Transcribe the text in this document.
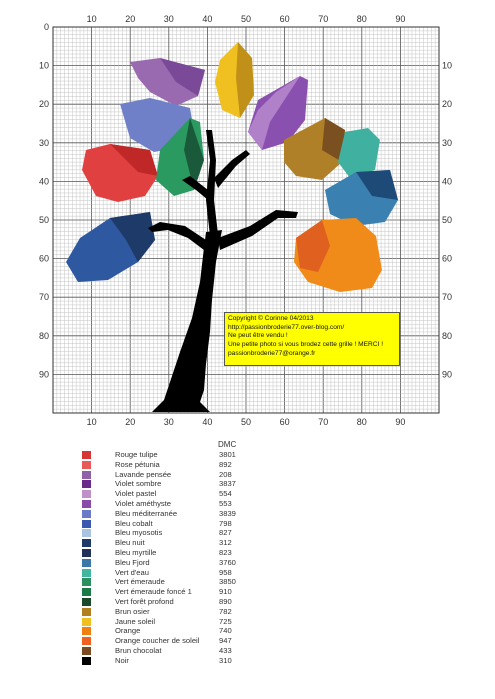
0
10
10
10	10
20
20
20	20
30
30
30	30
40
40
40	40
50
50
50	50
60
60
60	60
70
70
70	70
80
80
80	80
90
90
90	90
Copyright © Corinne 04/2013
http://passionbroderie77.over-blog.com/
Ne peut être vendu !
Une petite photo si vous brodez cette grille ! MERCI !
passionbroderie77@orange.fr
DMC
Rouge tulipe	3801
Rose pétunia	892
Lavande pensée	208
Violet sombre	3837
Violet pastel	554
Violet améthyste	553
Bleu méditerranée	3839
Bleu cobalt	798
Bleu myosotis	827
Bleu nuit	312
Bleu myrtille	823
Bleu Fjord	3760
Vert d'eau	958
Vert émeraude	3850
Vert émeraude foncé 1	910
Vert forêt profond	890
Brun osier	782
Jaune soleil	725
Orange	740
Orange coucher de soleil	947
Brun chocolat	433
Noir	310
